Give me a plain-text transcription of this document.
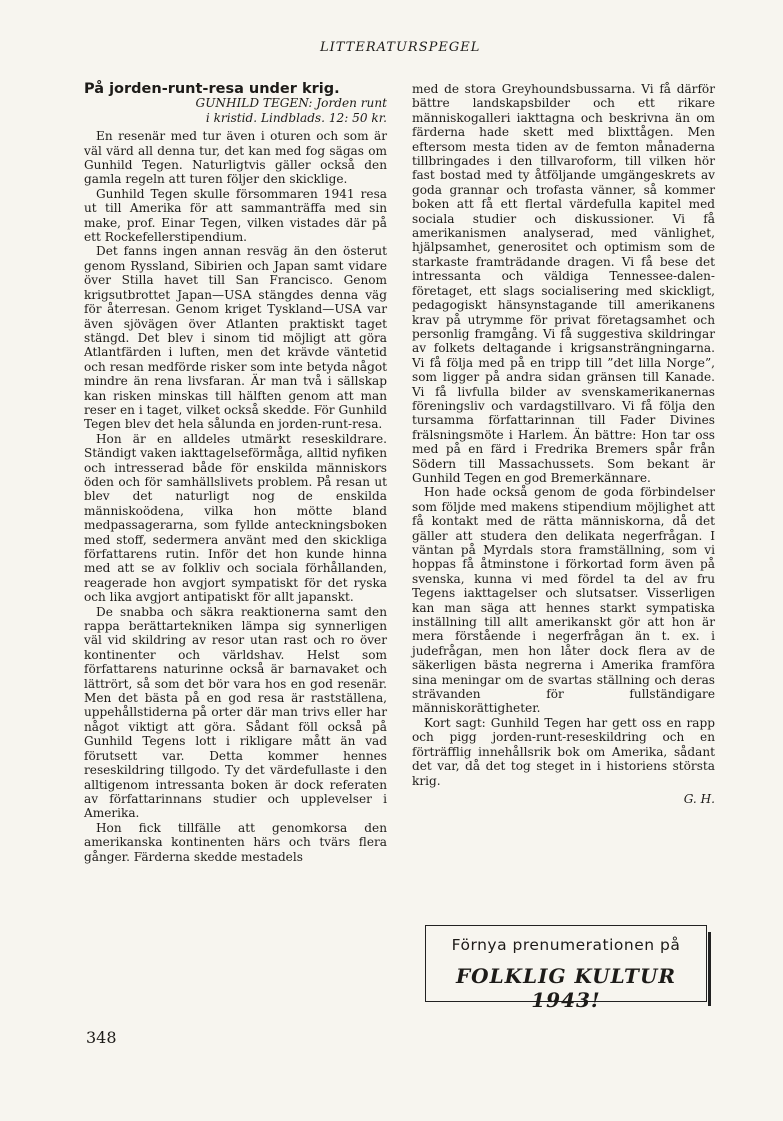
LITTERATURSPEGEL

På jorden-runt-resa under krig.

GUNHILD TEGEN: Jorden runt

i kristid. Lindblads. 12: 50 kr.

En resenär med tur även i oturen och som är väl värd all denna tur, det kan med fog sägas om Gunhild Tegen. Naturligtvis gäller också den gamla regeln att turen följer den skicklige.

Gunhild Tegen skulle försommaren 1941 resa ut till Amerika för att sammanträffa med sin make, prof. Einar Tegen, vilken vistades där på ett Rockefellerstipendium.

Det fanns ingen annan resväg än den österut genom Ryssland, Sibirien och Japan samt vidare över Stilla havet till San Francisco. Genom krigsutbrottet Japan—USA stängdes denna väg för återresan. Genom kriget Tyskland—USA var även sjövägen över Atlanten praktiskt taget stängd. Det blev i sinom tid möjligt att göra Atlantfärden i luften, men det krävde väntetid och resan medförde risker som inte betyda något mindre än rena livsfaran. Är man två i sällskap kan risken minskas till hälften genom att man reser en i taget, vilket också skedde. För Gunhild Tegen blev det hela sålunda en jorden-runt-resa.

Hon är en alldeles utmärkt reseskildrare. Ständigt vaken iakttagelseförmåga, alltid nyfiken och intresserad både för enskilda människors öden och för samhällslivets problem. På resan ut blev det naturligt nog de enskilda människoödena, vilka hon mötte bland medpassagerarna, som fyllde anteckningsboken med stoff, sedermera använt med den skickliga författarens rutin. Inför det hon kunde hinna med att se av folkliv och sociala förhållanden, reagerade hon avgjort sympatiskt för det ryska och lika avgjort antipatiskt för allt japanskt.

De snabba och säkra reaktionerna samt den rappa berättartekniken lämpa sig synnerligen väl vid skildring av resor utan rast och ro över kontinenter och världshav. Helst som författarens naturinne också är barnavaket och lättrört, så som det bör vara hos en god resenär. Men det bästa på en god resa är rastställena, uppehållstiderna på orter där man trivs eller har något viktigt att göra. Sådant föll också på Gunhild Tegens lott i rikligare mått än vad förutsett var. Detta kommer hennes reseskildring tillgodo. Ty det värdefullaste i den alltigenom intressanta boken är dock referaten av författarinnans studier och upplevelser i Amerika.

Hon fick tillfälle att genomkorsa den amerikanska kontinenten härs och tvärs flera gånger. Färderna skedde mestadels

med de stora Greyhoundsbussarna. Vi få därför bättre landskapsbilder och ett rikare människogalleri iakttagna och beskrivna än om färderna hade skett med blixttågen. Men eftersom mesta tiden av de femton månaderna tillbringades i den tillvaroform, till vilken hör fast bostad med ty åtföljande umgängeskrets av goda grannar och trofasta vänner, så kommer boken att få ett flertal värdefulla kapitel med sociala studier och diskussioner. Vi få amerikanismen analyserad, med vänlighet, hjälpsamhet, generositet och optimism som de starkaste framträdande dragen. Vi få bese det intressanta och väldiga Tennessee-dalen-företaget, ett slags socialisering med skickligt, pedagogiskt hänsynstagande till amerikanens krav på utrymme för privat företagsamhet och personlig framgång. Vi få suggestiva skildringar av folkets deltagande i krigsansträngningarna. Vi få följa med på en tripp till ”det lilla Norge”, som ligger på andra sidan gränsen till Kanade. Vi få livfulla bilder av svenskamerikanernas föreningsliv och vardagstillvaro. Vi få följa den tursamma författarinnan till Fader Divines frälsningsmöte i Harlem. Än bättre: Hon tar oss med på en färd i Fredrika Bremers spår från Södern till Massachussets. Som bekant är Gunhild Tegen en god Bremerkännare.

Hon hade också genom de goda förbindelser som följde med makens stipendium möjlighet att få kontakt med de rätta människorna, då det gäller att studera den delikata negerfrågan. I väntan på Myrdals stora framställning, som vi hoppas få åtminstone i förkortad form även på svenska, kunna vi med fördel ta del av fru Tegens iakttagelser och slutsatser. Visserligen kan man säga att hennes starkt sympatiska inställning till allt amerikanskt gör att hon är mera förstående i negerfrågan än t. ex. i judefrågan, men hon låter dock flera av de säkerligen bästa negrerna i Amerika framföra sina meningar om de svartas ställning och deras strävanden för fullständigare människorättigheter.

Kort sagt: Gunhild Tegen har gett oss en rapp och pigg jorden-runt-reseskildring och en förträfflig innehållsrik bok om Amerika, sådant det var, då det tog steget in i historiens största krig.

G. H.

Förnya prenumerationen på
FOLKLIG KULTUR 1943!
348
